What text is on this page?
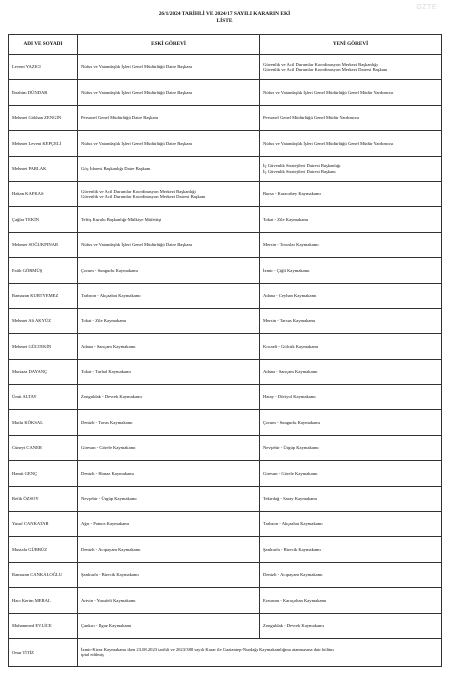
GZTE
26/1/2024 TARİHLİ VE 2024/17 SAYILI KARARIN EKİ
LİSTE
ADI VE SOYADI	ESKİ GÖREVİ	YENİ GÖREVİ
Levent YAZICI	Nüfus ve Vatandaşlık İşleri Genel Müdürlüğü Daire Başkanı	Güvenlik ve Acil Durumlar Koordinasyon Merkezi Başkanlığı
Güvenlik ve Acil Durumlar Koordinasyon Merkezi Dairesi Başkanı

İbrahim DÜNDAR	Nüfus ve Vatandaşlık İşleri Genel Müdürlüğü Daire Başkanı	Nüfus ve Vatandaşlık İşleri Genel Müdürlüğü Genel Müdür Yardımcısı

Mehmet Gökhan ZENGİN	Personel Genel Müdürlüğü Daire Başkanı	Personel Genel Müdürlüğü Genel Müdür Yardımcısı

Mehmet Levent KEPÇELİ	Nüfus ve Vatandaşlık İşleri Genel Müdürlüğü Daire Başkanı	Nüfus ve Vatandaşlık İşleri Genel Müdürlüğü Genel Müdür Yardımcısı

Mehmet PARLAK	Göç İdaresi Başkanlığı Daire Başkanı	İç Güvenlik Stratejileri Dairesi Başkanlığı
İç Güvenlik Stratejileri Dairesi Başkanı

Hakan KAFKAS	Güvenlik ve Acil Durumlar Koordinasyon Merkezi Başkanlığı
Güvenlik ve Acil Durumlar Koordinasyon Merkezi Dairesi Başkanı	Bursa - Karacabey Kaymakamı

Çağlar TEKİN	Teftiş Kurulu Başkanlığı-Mülkiye Müfettişi	Tokat - Zile Kaymakamı

Mehmet SOĞUKPINAR	Nüfus ve Vatandaşlık İşleri Genel Müdürlüğü Daire Başkanı	Mersin - Toroslar Kaymakamı

Fatih GÖRMÜŞ	Çorum - Sungurlu Kaymakamı	İzmir - Çiğli Kaymakamı

Ramazan KURTYEMEZ	Trabzon - Akçaabat Kaymakamı	Adana - Ceyhan Kaymakamı

Mehmet Ali AKYÜZ	Tokat - Zile Kaymakamı	Mersin - Tarsus Kaymakamı

Mehmet GÜLTEKİN	Adana - Sarıçam Kaymakamı	Kocaeli - Gölcük Kaymakamı

Murtaza DAYANÇ	Tokat - Turhal Kaymakamı	Adana - Sarıçam Kaymakamı

Ümit ALTAY	Zonguldak - Devrek Kaymakamı	Hatay - Dörtyol Kaymakamı

Mutlu KÖKSAL	Denizli - Tavas Kaymakamı	Çorum - Sungurlu Kaymakamı

Cüneyt CANER	Giresun - Görele Kaymakamı	Nevşehir - Ürgüp Kaymakamı

Hamit GENÇ	Denizli - Honaz Kaymakamı	Giresun - Görele Kaymakamı

Refik ÖZSOY	Nevşehir - Ürgüp Kaymakamı	Tekirdağ - Saray Kaymakamı

Yusuf CANKATAR	Ağrı - Patnos Kaymakamı	Trabzon - Akçaabat Kaymakamı

Mustafa GÜRBÜZ	Denizli - Acıpayam Kaymakamı	Şanlıurfa - Birecik Kaymakamı

Ramazan CANKALOĞLU	Şanlıurfa - Birecik Kaymakamı	Denizli - Acıpayam Kaymakamı

Hacı Kerim MERAL	Artvin - Yusufeli Kaymakamı	Erzurum - Karaçoban Kaymakamı

Muhammed EVLİCE	Çankırı - Ilgaz Kaymakamı	Zonguldak - Devrek Kaymakamı

Onur TİTİZ	İzmir-Kiraz Kaymakamı iken 23.08.2023 tarihli ve 2023/388 sayılı Karar ile Gaziantep-Nurdağı Kaymakamlığına atanmasına dair bölüm
iptal edilmiş	
